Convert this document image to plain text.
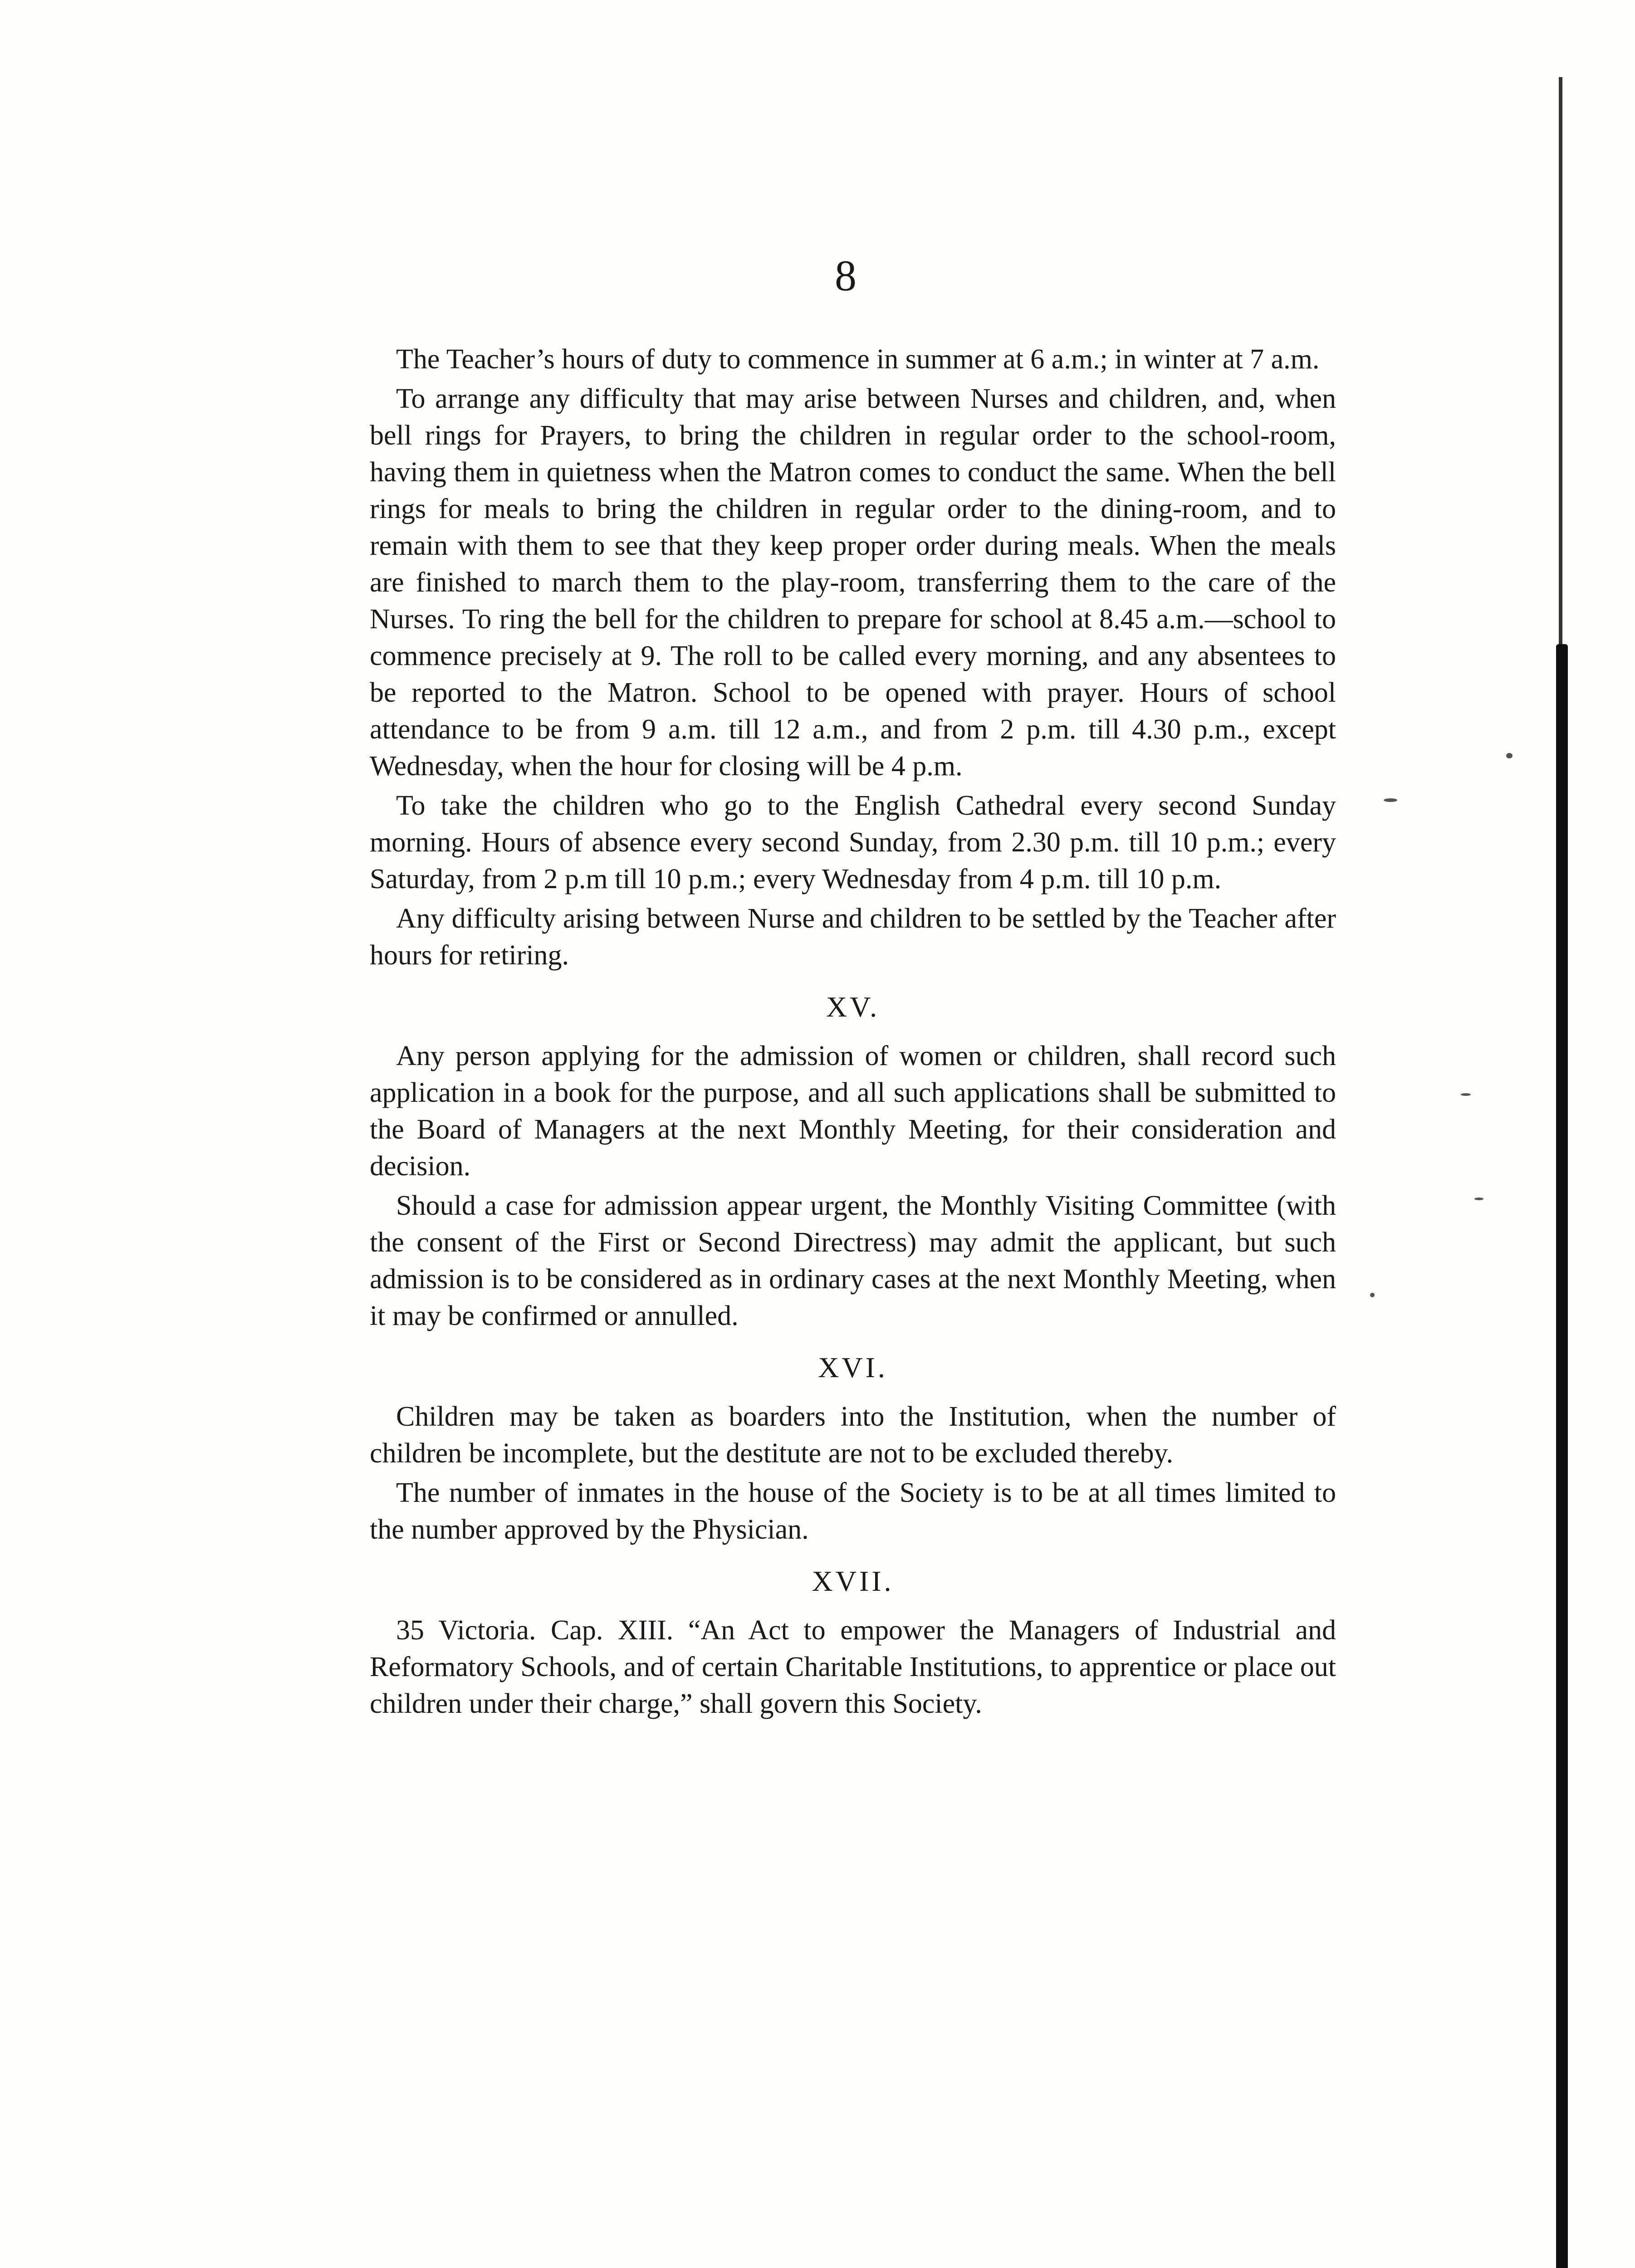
8

The Teacher’s hours of duty to commence in summer at 6 a.m.; in winter at 7 a.m.

To arrange any difficulty that may arise between Nurses and children, and, when bell rings for Prayers, to bring the children in regular order to the school-room, having them in quietness when the Matron comes to conduct the same. When the bell rings for meals to bring the children in regular order to the dining-room, and to remain with them to see that they keep proper order during meals. When the meals are finished to march them to the play-room, transferring them to the care of the Nurses. To ring the bell for the children to prepare for school at 8.45 a.m.—school to commence precisely at 9. The roll to be called every morning, and any absentees to be reported to the Matron. School to be opened with prayer. Hours of school attendance to be from 9 a.m. till 12 a.m., and from 2 p.m. till 4.30 p.m., except Wednesday, when the hour for closing will be 4 p.m.

To take the children who go to the English Cathedral every second Sunday morning. Hours of absence every second Sunday, from 2.30 p.m. till 10 p.m.; every Saturday, from 2 p.m till 10 p.m.; every Wednesday from 4 p.m. till 10 p.m.

Any difficulty arising between Nurse and children to be settled by the Teacher after hours for retiring.

XV.

Any person applying for the admission of women or children, shall record such application in a book for the purpose, and all such applications shall be submitted to the Board of Managers at the next Monthly Meeting, for their consideration and decision.

Should a case for admission appear urgent, the Monthly Visiting Committee (with the consent of the First or Second Directress) may admit the applicant, but such admission is to be considered as in ordinary cases at the next Monthly Meeting, when it may be confirmed or annulled.

XVI.

Children may be taken as boarders into the Institution, when the number of children be incomplete, but the destitute are not to be excluded thereby.

The number of inmates in the house of the Society is to be at all times limited to the number approved by the Physician.

XVII.

35 Victoria. Cap. XIII. “An Act to empower the Managers of Industrial and Reformatory Schools, and of certain Charitable Institutions, to apprentice or place out children under their charge,” shall govern this Society.
